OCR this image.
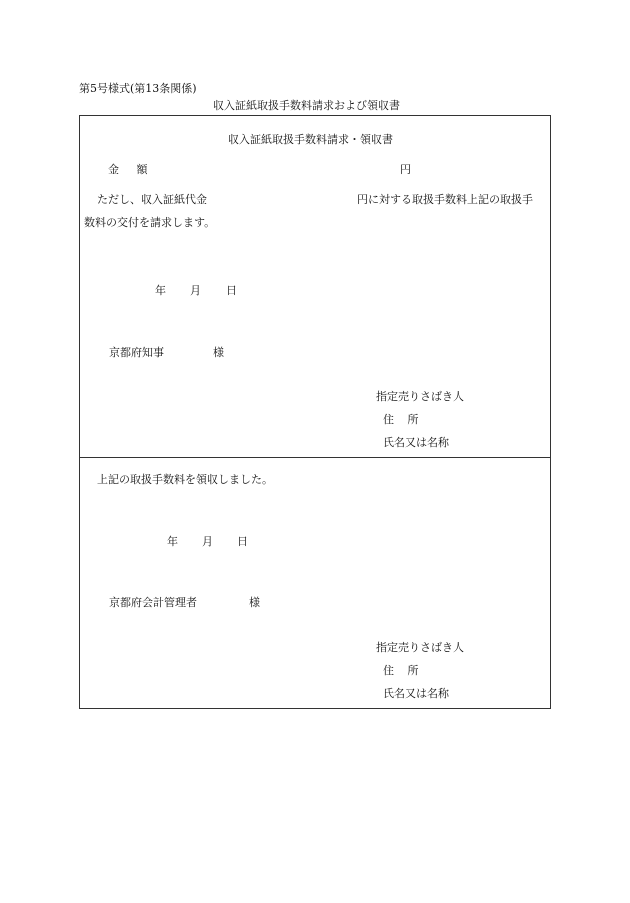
第5号様式(第13条関係)
収入証紙取扱手数料請求および領収書
収入証紙取扱手数料請求・領収書
金 額	円
ただし、収入証紙代金	円に対する取扱手数料上記の取扱手
数料の交付を請求します。
年 月 日
京都府知事	様
指定売りさばき人
住 所
氏名又は名称
上記の取扱手数料を領収しました。
年 月 日
京都府会計管理者	様
指定売りさばき人
住 所
氏名又は名称
